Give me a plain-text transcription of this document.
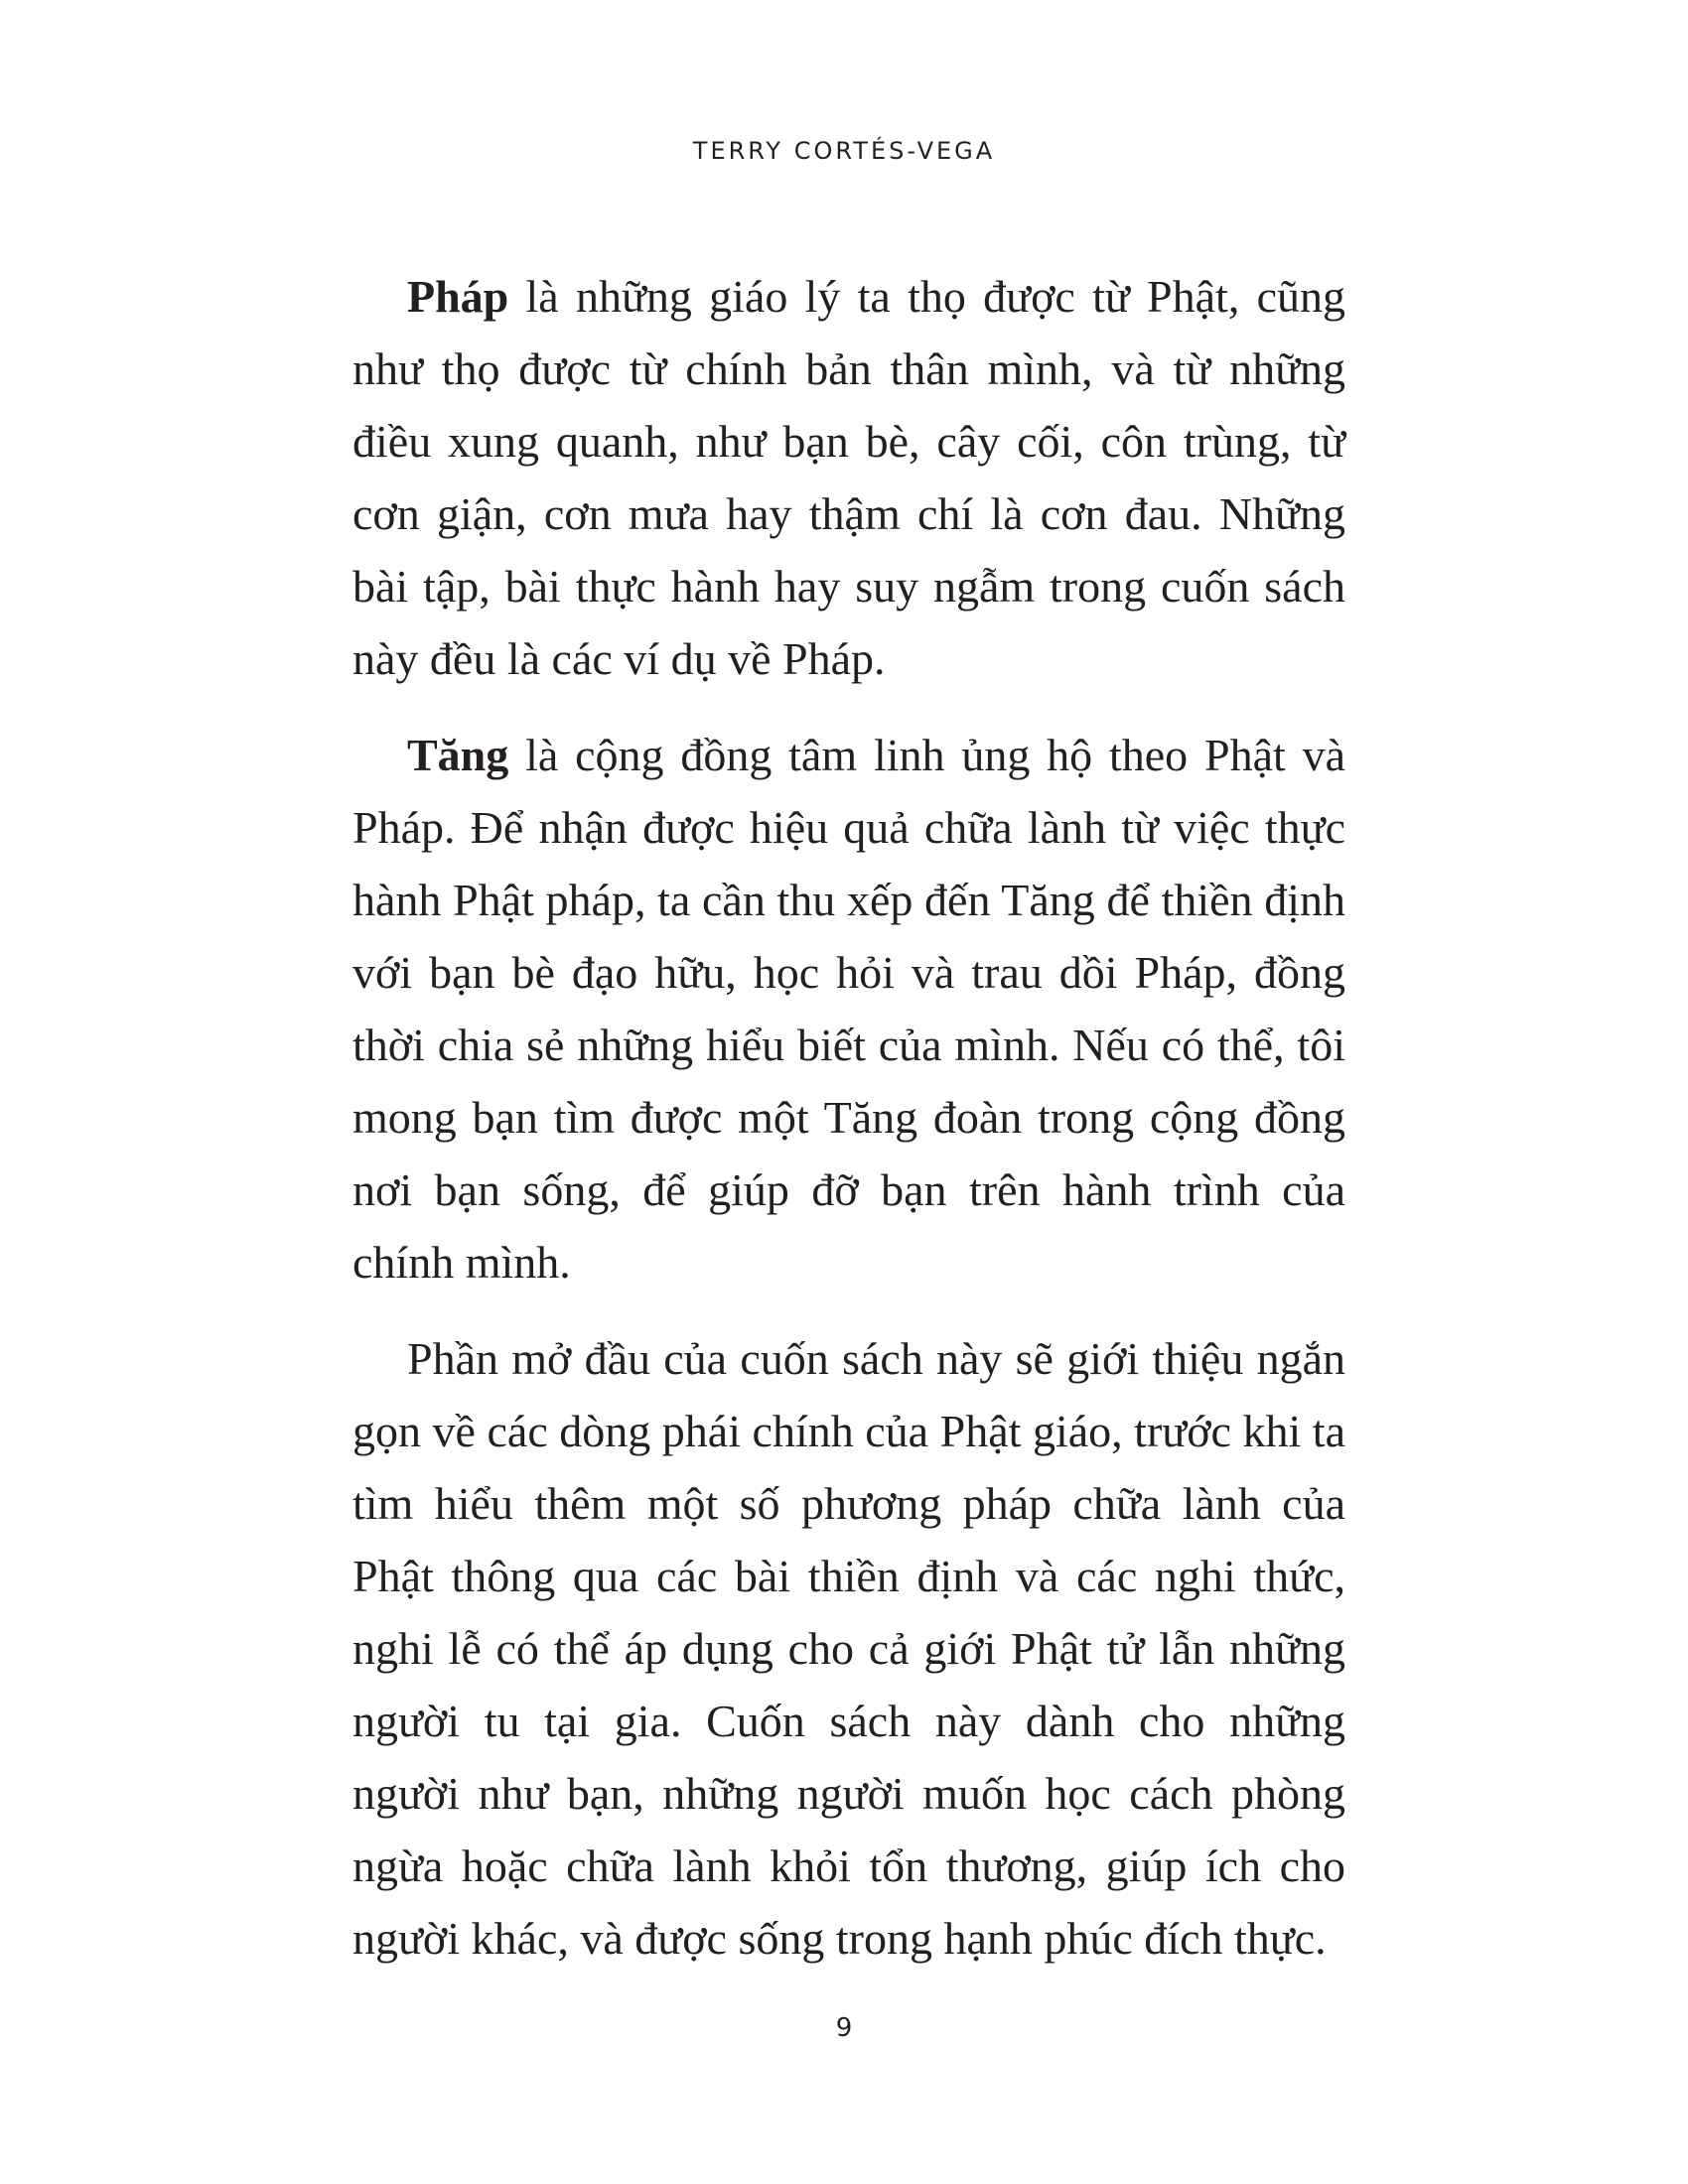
TERRY CORTÉS-VEGA

Pháp là những giáo lý ta thọ được từ Phật, cũng như thọ được từ chính bản thân mình, và từ những điều xung quanh, như bạn bè, cây cối, côn trùng, từ cơn giận, cơn mưa hay thậm chí là cơn đau. Những bài tập, bài thực hành hay suy ngẫm trong cuốn sách này đều là các ví dụ về Pháp.

Tăng là cộng đồng tâm linh ủng hộ theo Phật và Pháp. Để nhận được hiệu quả chữa lành từ việc thực hành Phật pháp, ta cần thu xếp đến Tăng để thiền định với bạn bè đạo hữu, học hỏi và trau dồi Pháp, đồng thời chia sẻ những hiểu biết của mình. Nếu có thể, tôi mong bạn tìm được một Tăng đoàn trong cộng đồng nơi bạn sống, để giúp đỡ bạn trên hành trình của chính mình.

Phần mở đầu của cuốn sách này sẽ giới thiệu ngắn gọn về các dòng phái chính của Phật giáo, trước khi ta tìm hiểu thêm một số phương pháp chữa lành của Phật thông qua các bài thiền định và các nghi thức, nghi lễ có thể áp dụng cho cả giới Phật tử lẫn những người tu tại gia. Cuốn sách này dành cho những người như bạn, những người muốn học cách phòng ngừa hoặc chữa lành khỏi tổn thương, giúp ích cho người khác, và được sống trong hạnh phúc đích thực.

9
